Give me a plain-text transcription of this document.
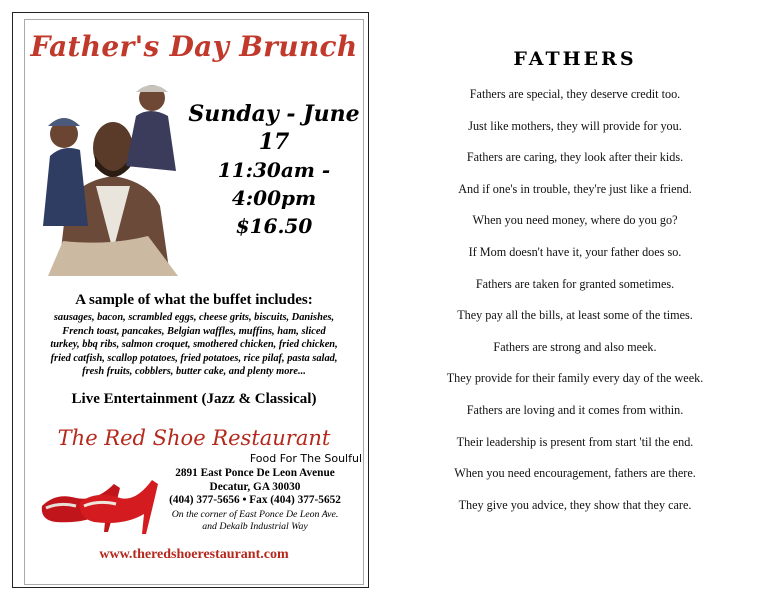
Father's Day Brunch
Sunday - June 17
11:30am - 4:00pm
$16.50
A sample of what the buffet includes:
sausages, bacon, scrambled eggs, cheese grits, biscuits, Danishes,
French toast, pancakes, Belgian waffles, muffins, ham, sliced
turkey, bbq ribs, salmon croquet, smothered chicken, fried chicken,
fried catfish, scallop potatoes, fried potatoes, rice pilaf, pasta salad,
fresh fruits, cobblers, butter cake, and plenty more...
Live Entertainment (Jazz & Classical)
The Red Shoe Restaurant
Food For The Soulful
2891 East Ponce De Leon Avenue
Decatur, GA 30030
(404) 377-5656 • Fax (404) 377-5652
On the corner of East Ponce De Leon Ave.
and Dekalb Industrial Way
www.theredshoerestaurant.com
FATHERS
Fathers are special, they deserve credit too.
Just like mothers, they will provide for you.
Fathers are caring, they look after their kids.
And if one's in trouble, they're just like a friend.
When you need money, where do you go?
If Mom doesn't have it, your father does so.
Fathers are taken for granted sometimes.
They pay all the bills, at least some of the times.
Fathers are strong and also meek.
They provide for their family every day of the week.
Fathers are loving and it comes from within.
Their leadership is present from start 'til the end.
When you need encouragement, fathers are there.
They give you advice, they show that they care.
